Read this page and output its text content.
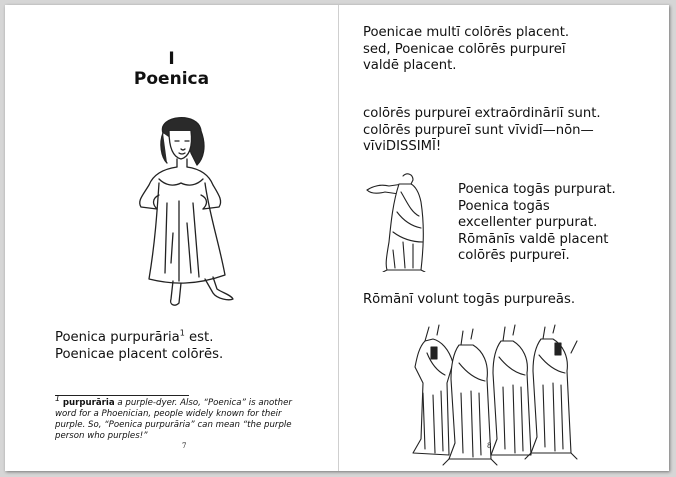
I
Poenica
Poenica purpurāria$^1$ est.
Poenicae placent colōrēs.
$^1$ purpurāria a purple-dyer. Also, “Poenica” is another
word for a Phoenician, people widely known for their
purple. So, “Poenica purpurāria” can mean “the purple
person who purples!”
7
Poenicae multī colōrēs placent.
sed, Poenicae colōrēs purpureī
valdē placent.
colōrēs purpureī extraōrdināriī sunt.
colōrēs purpureī sunt vīvidī—nōn—
vīviDISSIMĪ!
Poenica togās purpurat.
Poenica togās
excellenter purpurat.
Rōmānīs valdē placent
colōrēs purpureī.
Rōmānī volunt togās purpureās.
8
